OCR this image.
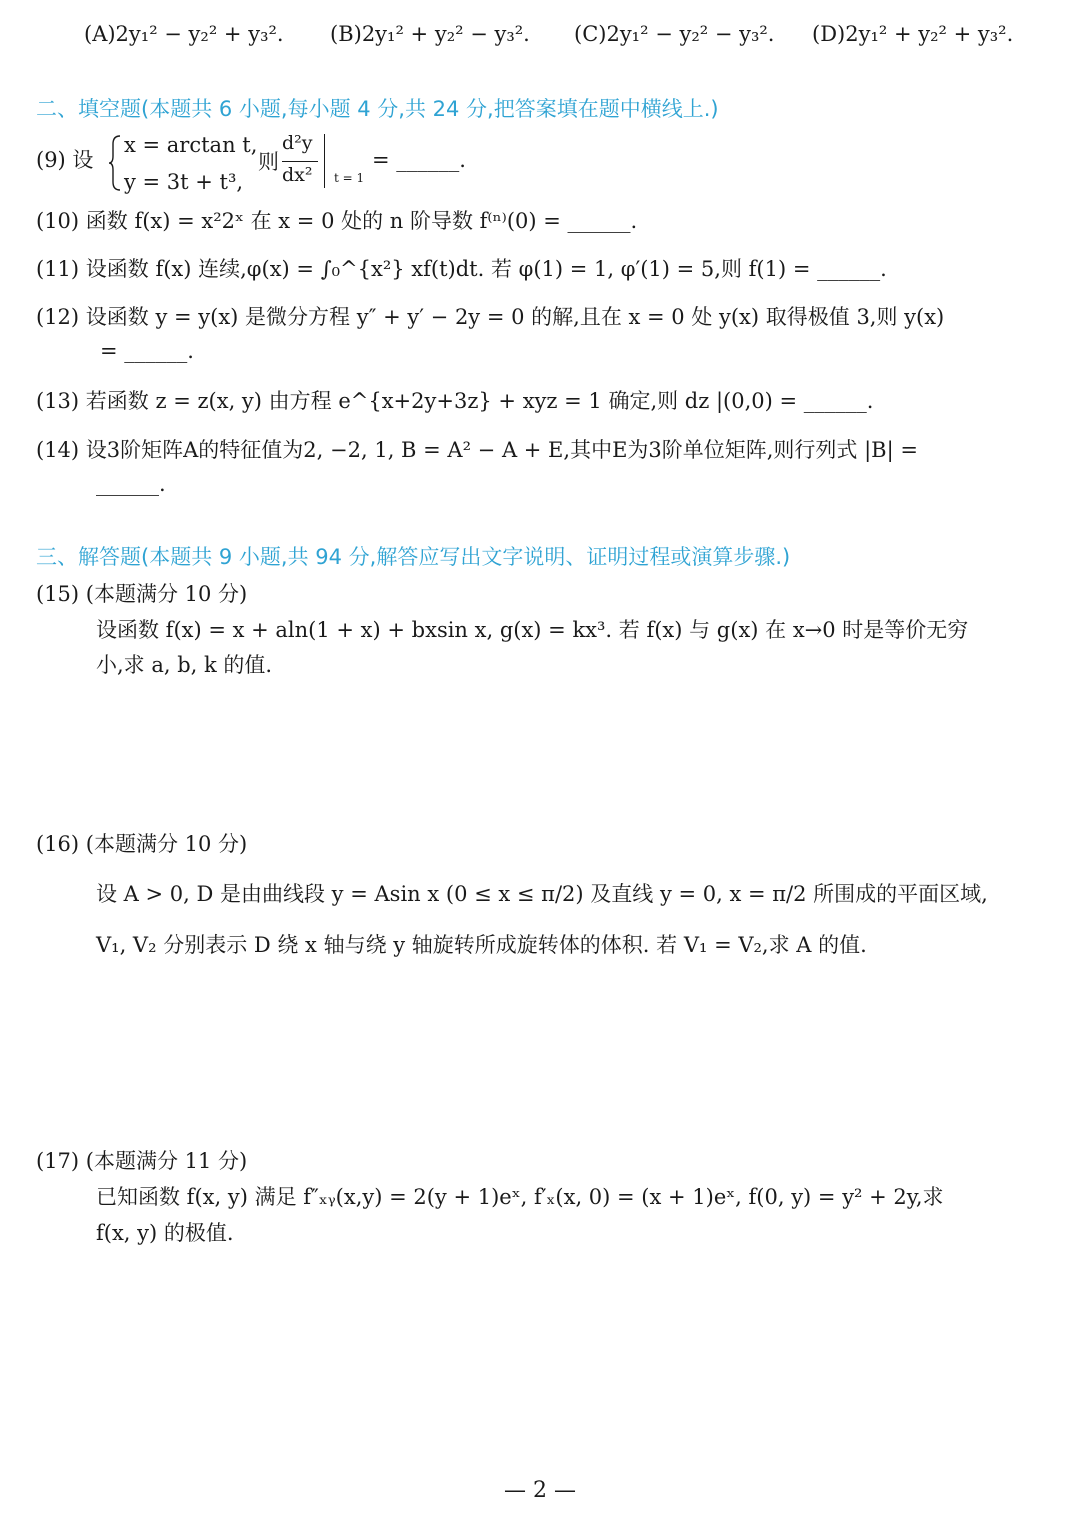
(A)2y₁² − y₂² + y₃². (B)2y₁² + y₂² − y₃². (C)2y₁² − y₂² − y₃². (D)2y₁² + y₂² + y₃².
二、填空题(本题共 6 小题,每小题 4 分,共 24 分,把答案填在题中横线上.)
(9) 设
x = arctan t,
y = 3t + t³,
则
d²y
dx² t = 1
= ______.
(10) 函数 f(x) = x²2ˣ 在 x = 0 处的 n 阶导数 f⁽ⁿ⁾(0) = ______.
(11) 设函数 f(x) 连续,φ(x) = ∫₀^{x²} xf(t)dt. 若 φ(1) = 1, φ′(1) = 5,则 f(1) = ______.
(12) 设函数 y = y(x) 是微分方程 y″ + y′ − 2y = 0 的解,且在 x = 0 处 y(x) 取得极值 3,则 y(x)
= ______.
(13) 若函数 z = z(x, y) 由方程 e^{x+2y+3z} + xyz = 1 确定,则 dz |(0,0) = ______.
(14) 设3阶矩阵A的特征值为2, −2, 1, B = A² − A + E,其中E为3阶单位矩阵,则行列式 |B| =
______.
三、解答题(本题共 9 小题,共 94 分,解答应写出文字说明、证明过程或演算步骤.)
(15) (本题满分 10 分)
设函数 f(x) = x + aln(1 + x) + bxsin x, g(x) = kx³. 若 f(x) 与 g(x) 在 x→0 时是等价无穷
小,求 a, b, k 的值.
(16) (本题满分 10 分)
设 A > 0, D 是由曲线段 y = Asin x (0 ≤ x ≤ π/2) 及直线 y = 0, x = π/2 所围成的平面区域,
V₁, V₂ 分别表示 D 绕 x 轴与绕 y 轴旋转所成旋转体的体积. 若 V₁ = V₂,求 A 的值.
(17) (本题满分 11 分)
已知函数 f(x, y) 满足 f″ₓᵧ(x,y) = 2(y + 1)eˣ, f′ₓ(x, 0) = (x + 1)eˣ, f(0, y) = y² + 2y,求
f(x, y) 的极值.
— 2 —
